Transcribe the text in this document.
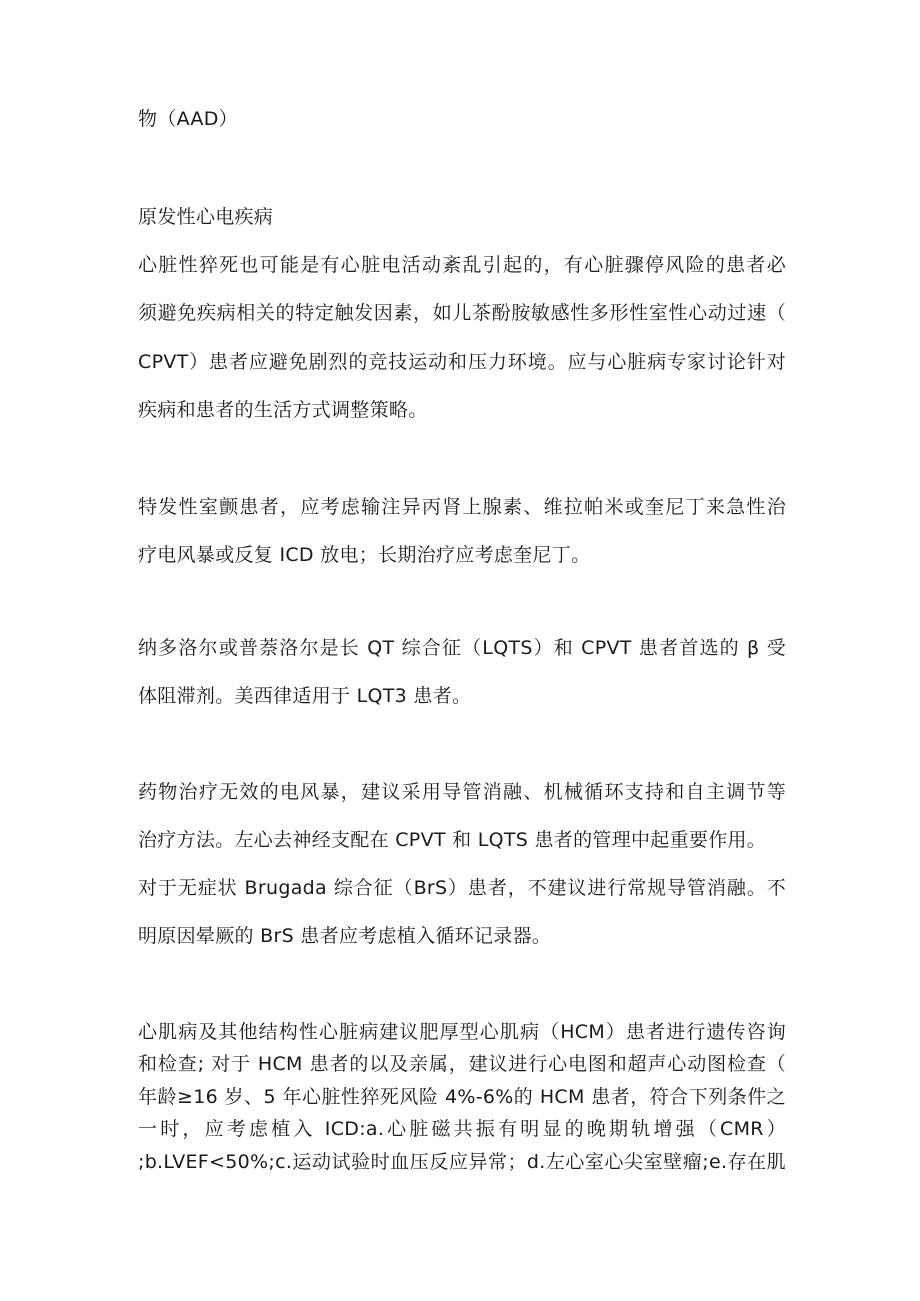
物（AAD）
原发性心电疾病
心脏性猝死也可能是有心脏电活动紊乱引起的，有心脏骤停风险的患者必
须避免疾病相关的特定触发因素，如儿茶酚胺敏感性多形性室性心动过速（
CPVT）患者应避免剧烈的竞技运动和压力环境。应与心脏病专家讨论针对
疾病和患者的生活方式调整策略。
特发性室颤患者，应考虑输注异丙肾上腺素、维拉帕米或奎尼丁来急性治
疗电风暴或反复 ICD 放电；长期治疗应考虑奎尼丁。
纳多洛尔或普萘洛尔是长 QT 综合征（LQTS）和 CPVT 患者首选的 β 受
体阻滞剂。美西律适用于 LQT3 患者。
药物治疗无效的电风暴，建议采用导管消融、机械循环支持和自主调节等
治疗方法。左心去神经支配在 CPVT 和 LQTS 患者的管理中起重要作用。
对于无症状 Brugada 综合征（BrS）患者，不建议进行常规导管消融。不
明原因晕厥的 BrS 患者应考虑植入循环记录器。
心肌病及其他结构性心脏病建议肥厚型心肌病（HCM）患者进行遗传咨询
和检查; 对于 HCM 患者的以及亲属，建议进行心电图和超声心动图检查（
年龄≥16 岁、5 年心脏性猝死风险 4%-6%的 HCM 患者，符合下列条件之
一时，应考虑植入 ICD:a.心脏磁共振有明显的晚期轨增强（CMR）
;b.LVEF<50%;c.运动试验时血压反应异常；d.左心室心尖室壁瘤;e.存在肌
